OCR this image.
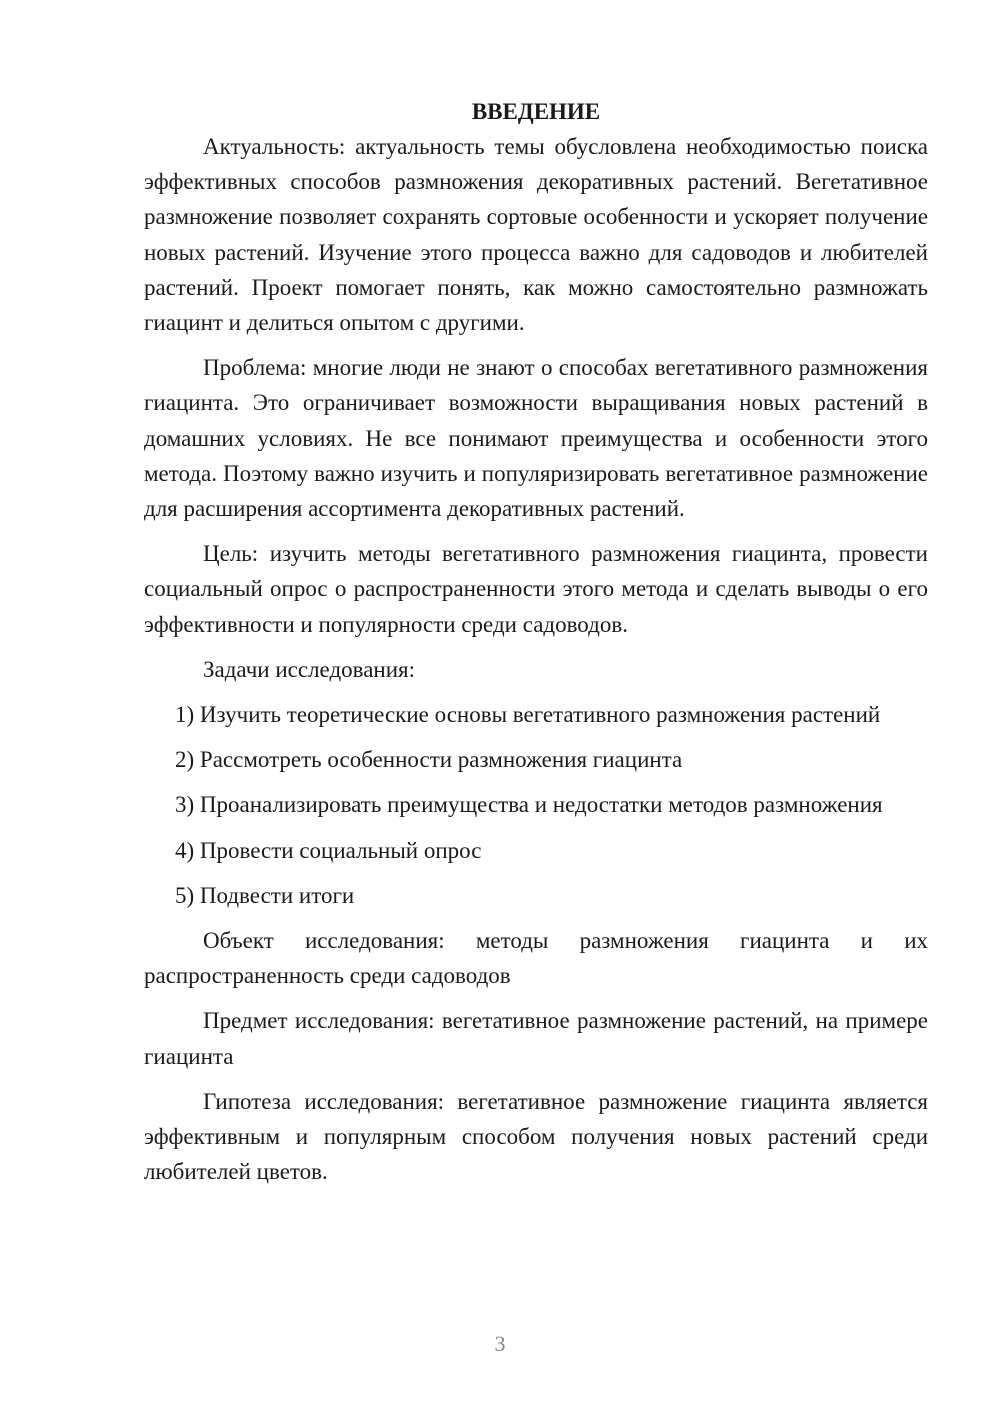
ВВЕДЕНИЕ

Актуальность: актуальность темы обусловлена необходимостью поиска эффективных способов размножения декоративных растений. Вегетативное размножение позволяет сохранять сортовые особенности и ускоряет получение новых растений. Изучение этого процесса важно для садоводов и любителей растений. Проект помогает понять, как можно самостоятельно размножать гиацинт и делиться опытом с другими.

Проблема: многие люди не знают о способах вегетативного размножения гиацинта. Это ограничивает возможности выращивания новых растений в домашних условиях. Не все понимают преимущества и особенности этого метода. Поэтому важно изучить и популяризировать вегетативное размножение для расширения ассортимента декоративных растений.

Цель: изучить методы вегетативного размножения гиацинта, провести социальный опрос о распространенности этого метода и сделать выводы о его эффективности и популярности среди садоводов.

Задачи исследования:

1) Изучить теоретические основы вегетативного размножения растений

2) Рассмотреть особенности размножения гиацинта

3) Проанализировать преимущества и недостатки методов размножения

4) Провести социальный опрос

5) Подвести итоги

Объект исследования: методы размножения гиацинта и их распространенность среди садоводов

Предмет исследования: вегетативное размножение растений, на примере гиацинта

Гипотеза исследования: вегетативное размножение гиацинта является эффективным и популярным способом получения новых растений среди любителей цветов.

3
